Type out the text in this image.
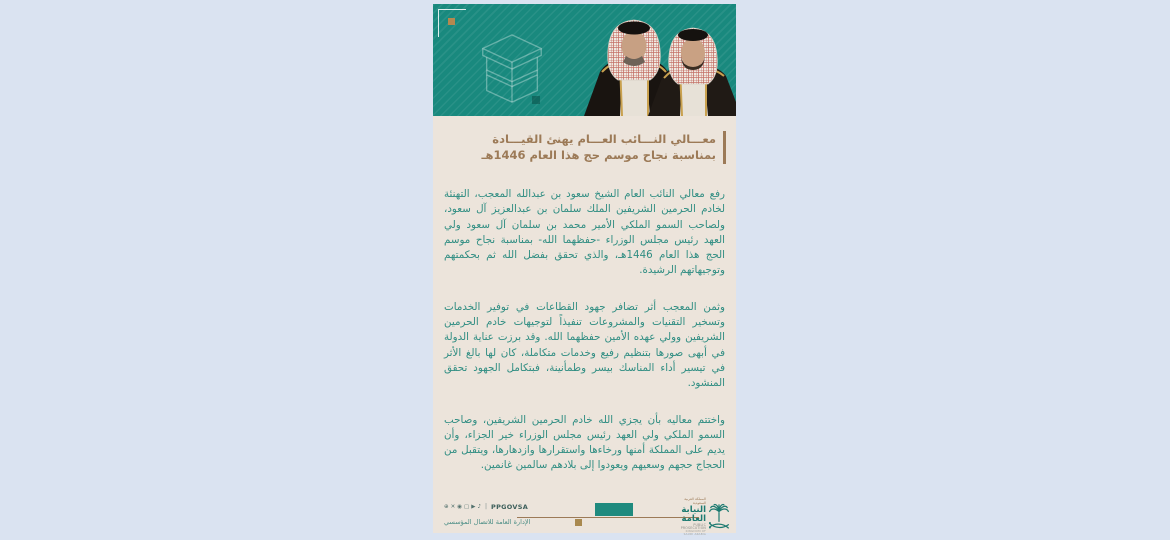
معـــالي النـــائب العـــام يهنئ القيـــادة
بمناسبة نجاح موسم حج هذا العام 1446هـ

رفع معالي النائب العام الشيخ سعود بن عبدالله المعجب، التهنئة لخادم الحرمين الشريفين الملك سلمان بن عبدالعزيز آل سعود، ولصاحب السمو الملكي الأمير محمد بن سلمان آل سعود ولي العهد رئيس مجلس الوزراء -حفظهما الله- بمناسبة نجاح موسم الحج هذا العام 1446هـ، والذي تحقق بفضل الله ثم بحكمتهم وتوجيهاتهم الرشيدة.

وثمن المعجب أثر تضافر جهود القطاعات في توفير الخدمات وتسخير التقنيات والمشروعات تنفيذاً لتوجيهات خادم الحرمين الشريفين وولي عهده الأمين حفظهما الله. وقد برزت عناية الدولة في أبهى صورها بتنظيم رفيع وخدمات متكاملة، كان لها بالغ الأثر في تيسير أداء المناسك بيسر وطمأنينة، فبتكامل الجهود تحقق المنشود.

واختتم معاليه بأن يجزي الله خادم الحرمين الشريفين، وصاحب السمو الملكي ولي العهد رئيس مجلس الوزراء خير الجزاء، وأن يديم على المملكة أمنها ورخاءها واستقرارها وازدهارها، ويتقبل من الحجاج حجهم وسعيهم ويعودوا إلى بلادهم سالمين غانمين.

⊕ ✕ ◉ ▢ ▶ ♪ | PPGOVSA
الإدارة العامة للاتصال المؤسسي
المملكة العربية السعودية
النيابة العامة
PUBLIC PROSECUTION
KINGDOM OF SAUDI ARABIA
